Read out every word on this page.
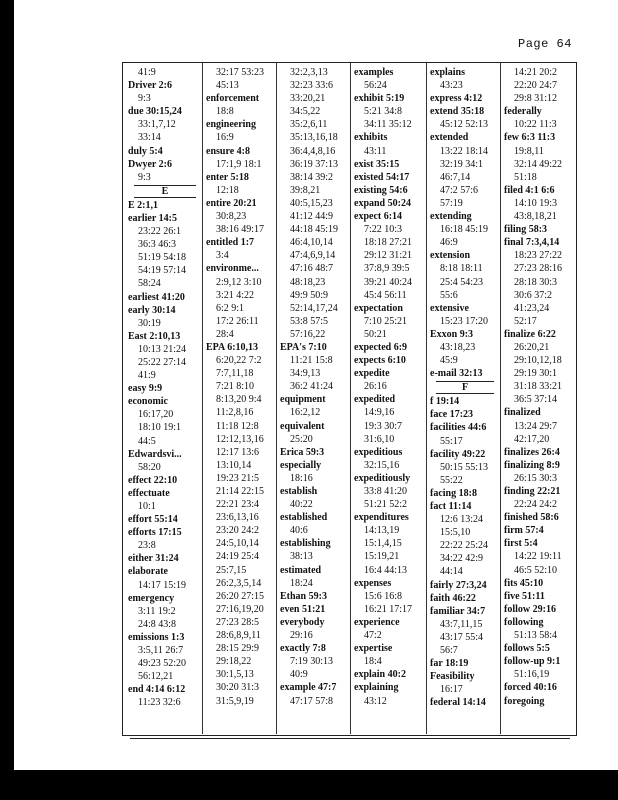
Page 64
41:9
Driver 2:6
9:3
due 30:15,24
33:1,7,12
33:14
duly 5:4
Dwyer 2:6
9:3
E
E 2:1,1
earlier 14:5
23:22 26:1
36:3 46:3
51:19 54:18
54:19 57:14
58:24
earliest 41:20
early 30:14
30:19
East 2:10,13
10:13 21:24
25:22 27:14
41:9
easy 9:9
economic
16:17,20
18:10 19:1
44:5
Edwardsvi...
58:20
effect 22:10
effectuate
10:1
effort 55:14
efforts 17:15
23:8
either 31:24
elaborate
14:17 15:19
emergency
3:11 19:2
24:8 43:8
emissions 1:3
3:5,11 26:7
49:23 52:20
56:12,21
end 4:14 6:12
11:23 32:6
32:17 53:23
45:13
enforcement
18:8
engineering
16:9
ensure 4:8
17:1,9 18:1
enter 5:18
12:18
entire 20:21
30:8,23
38:16 49:17
entitled 1:7
3:4
environme...
2:9,12 3:10
3:21 4:22
6:2 9:1
17:2 26:11
28:4
EPA 6:10,13
6:20,22 7:2
7:7,11,18
7:21 8:10
8:13,20 9:4
11:2,8,16
11:18 12:8
12:12,13,16
12:17 13:6
13:10,14
19:23 21:5
21:14 22:15
22:21 23:4
23:6,13,16
23:20 24:2
24:5,10,14
24:19 25:4
25:7,15
26:2,3,5,14
26:20 27:15
27:16,19,20
27:23 28:5
28:6,8,9,11
28:15 29:9
29:18,22
30:1,5,13
30:20 31:3
31:5,9,19
32:2,3,13
32:23 33:6
33:20,21
34:5,22
35:2,6,11
35:13,16,18
36:4,4,8,16
36:19 37:13
38:14 39:2
39:8,21
40:5,15,23
41:12 44:9
44:18 45:19
46:4,10,14
47:4,6,9,14
47:16 48:7
48:18,23
49:9 50:9
52:14,17,24
53:8 57:5
57:16,22
EPA's 7:10
11:21 15:8
34:9,13
36:2 41:24
equipment
16:2,12
equivalent
25:20
Erica 59:3
especially
18:16
establish
40:22
established
40:6
establishing
38:13
estimated
18:24
Ethan 59:3
even 51:21
everybody
29:16
exactly 7:8
7:19 30:13
40:9
example 47:7
47:17 57:8
examples
56:24
exhibit 5:19
5:21 34:8
34:11 35:12
exhibits
43:11
exist 35:15
existed 54:17
existing 54:6
expand 50:24
expect 6:14
7:22 10:3
18:18 27:21
29:12 31:21
37:8,9 39:5
39:21 40:24
45:4 56:11
expectation
7:10 25:21
50:21
expected 6:9
expects 6:10
expedite
26:16
expedited
14:9,16
19:3 30:7
31:6,10
expeditious
32:15,16
expeditiously
33:8 41:20
51:21 52:2
expenditures
14:13,19
15:1,4,15
15:19,21
16:4 44:13
expenses
15:6 16:8
16:21 17:17
experience
47:2
expertise
18:4
explain 40:2
explaining
43:12
explains
43:23
express 4:12
extend 35:18
45:12 52:13
extended
13:22 18:14
32:19 34:1
46:7,14
47:2 57:6
57:19
extending
16:18 45:19
46:9
extension
8:18 18:11
25:4 54:23
55:6
extensive
15:23 17:20
Exxon 9:3
43:18,23
45:9
e-mail 32:13
F
f 19:14
face 17:23
facilities 44:6
55:17
facility 49:22
50:15 55:13
55:22
facing 18:8
fact 11:14
12:6 13:24
15:5,10
22:22 25:24
34:22 42:9
44:14
fairly 27:3,24
faith 46:22
familiar 34:7
43:7,11,15
43:17 55:4
56:7
far 18:19
Feasibility
16:17
federal 14:14
14:21 20:2
22:20 24:7
29:8 31:12
federally
10:22 11:3
few 6:3 11:3
19:8,11
32:14 49:22
51:18
filed 4:1 6:6
14:10 19:3
43:8,18,21
filing 58:3
final 7:3,4,14
18:23 27:22
27:23 28:16
28:18 30:3
30:6 37:2
41:23,24
52:17
finalize 6:22
26:20,21
29:10,12,18
29:19 30:1
31:18 33:21
36:5 37:14
finalized
13:24 29:7
42:17,20
finalizes 26:4
finalizing 8:9
26:15 30:3
finding 22:21
22:24 24:2
finished 58:6
firm 57:4
first 5:4
14:22 19:11
46:5 52:10
fits 45:10
five 51:11
follow 29:16
following
51:13 58:4
follows 5:5
follow-up 9:1
51:16,19
forced 40:16
foregoing
